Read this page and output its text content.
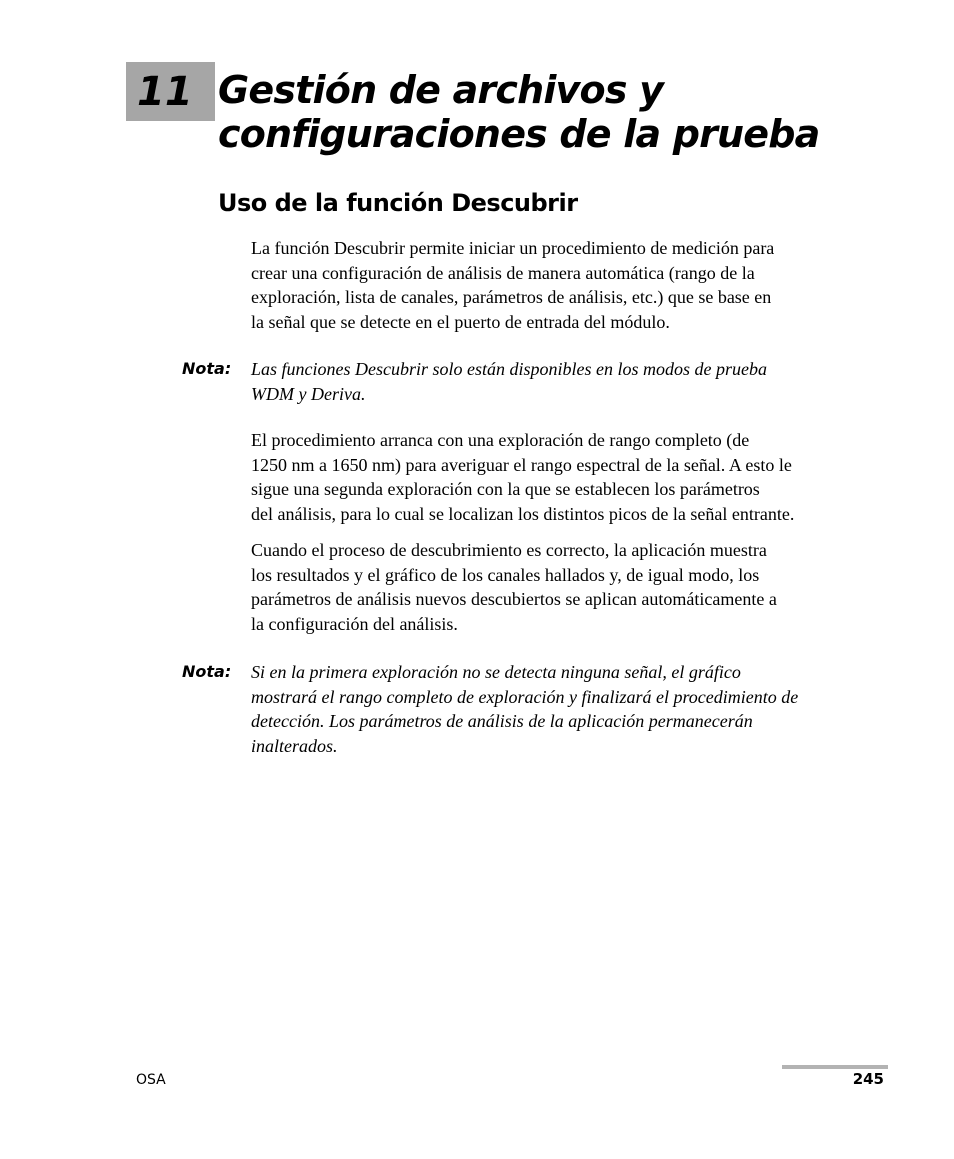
11 Gestión de archivos y
configuraciones de la prueba
Uso de la función Descubrir

La función Descubrir permite iniciar un procedimiento de medición para
crear una configuración de análisis de manera automática (rango de la
exploración, lista de canales, parámetros de análisis, etc.) que se base en
la señal que se detecte en el puerto de entrada del módulo.

Nota: Las funciones Descubrir solo están disponibles en los modos de prueba
WDM y Deriva.

El procedimiento arranca con una exploración de rango completo (de
1250 nm a 1650 nm) para averiguar el rango espectral de la señal. A esto le
sigue una segunda exploración con la que se establecen los parámetros
del análisis, para lo cual se localizan los distintos picos de la señal entrante.

Cuando el proceso de descubrimiento es correcto, la aplicación muestra
los resultados y el gráfico de los canales hallados y, de igual modo, los
parámetros de análisis nuevos descubiertos se aplican automáticamente a
la configuración del análisis.

Nota: Si en la primera exploración no se detecta ninguna señal, el gráfico
mostrará el rango completo de exploración y finalizará el procedimiento de
detección. Los parámetros de análisis de la aplicación permanecerán
inalterados.

OSA	245
